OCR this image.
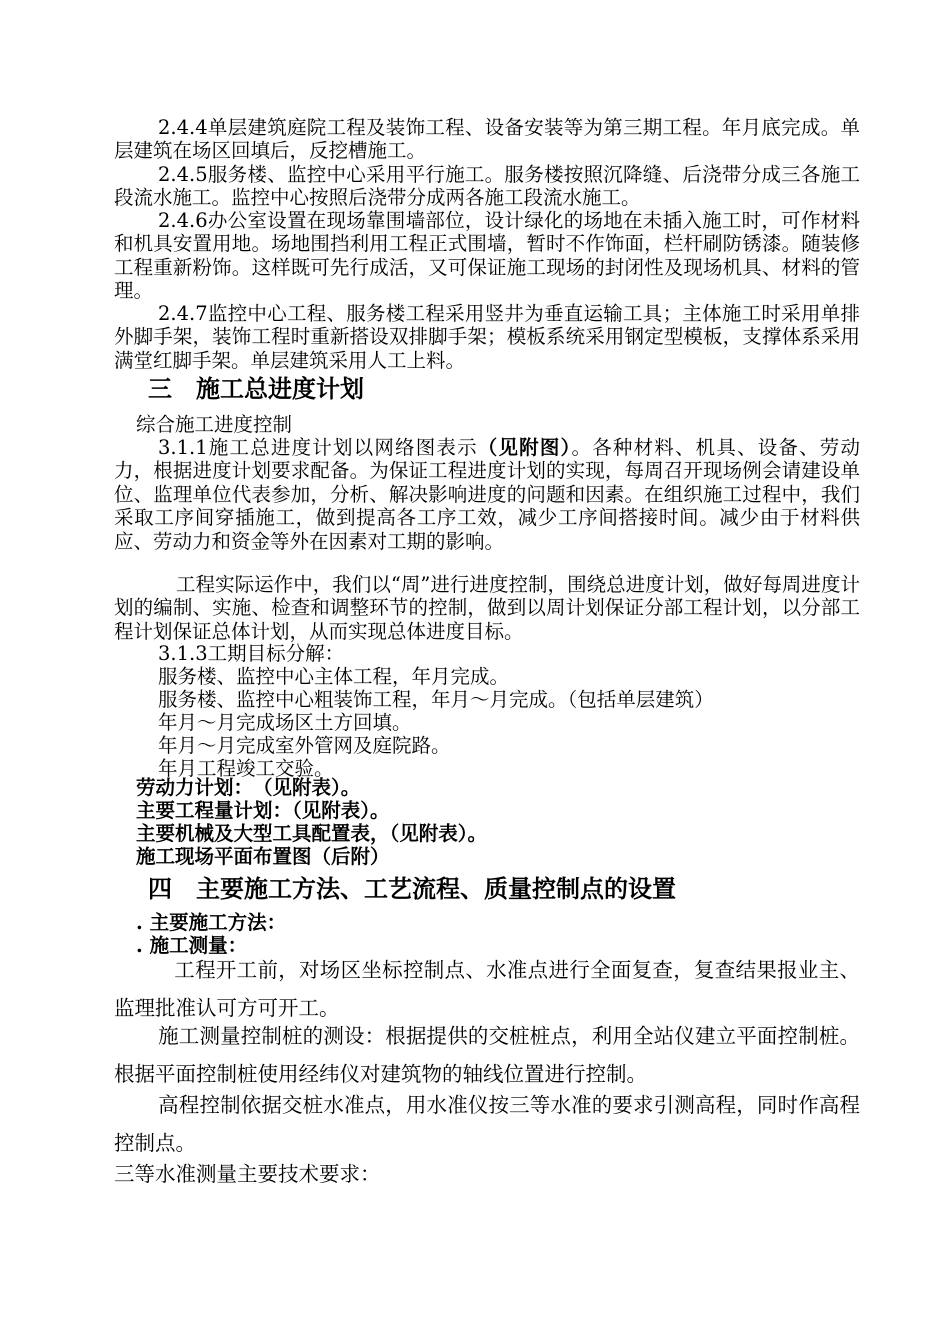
2.4.4单层建筑庭院工程及装饰工程、设备安装等为第三期工程。年月底完成。单层建筑在场区回填后，反挖槽施工。

2.4.5服务楼、监控中心采用平行施工。服务楼按照沉降缝、后浇带分成三各施工段流水施工。监控中心按照后浇带分成两各施工段流水施工。

2.4.6办公室设置在现场靠围墙部位，设计绿化的场地在未插入施工时，可作材料和机具安置用地。场地围挡利用工程正式围墙，暂时不作饰面，栏杆刷防锈漆。随装修工程重新粉饰。这样既可先行成活，又可保证施工现场的封闭性及现场机具、材料的管理。

2.4.7监控中心工程、服务楼工程采用竖井为垂直运输工具；主体施工时采用单排外脚手架，装饰工程时重新搭设双排脚手架；模板系统采用钢定型模板，支撑体系采用满堂红脚手架。单层建筑采用人工上料。

三　施工总进度计划

综合施工进度控制

3.1.1施工总进度计划以网络图表示（见附图）。各种材料、机具、设备、劳动力，根据进度计划要求配备。为保证工程进度计划的实现，每周召开现场例会请建设单位、监理单位代表参加，分析、解决影响进度的问题和因素。在组织施工过程中，我们采取工序间穿插施工，做到提高各工序工效，减少工序间搭接时间。减少由于材料供应、劳动力和资金等外在因素对工期的影响。

工程实际运作中，我们以“周”进行进度控制，围绕总进度计划，做好每周进度计划的编制、实施、检查和调整环节的控制，做到以周计划保证分部工程计划，以分部工程计划保证总体计划，从而实现总体进度目标。

3.1.3工期目标分解：

服务楼、监控中心主体工程，年月完成。

服务楼、监控中心粗装饰工程，年月～月完成。（包括单层建筑）

年月～月完成场区土方回填。

年月～月完成室外管网及庭院路。

年月工程竣工交验。

劳动力计划：　（见附表）。

主要工程量计划：（见附表）。

主要机械及大型工具配置表，（见附表）。

施工现场平面布置图（后附）

四　主要施工方法、工艺流程、质量控制点的设置

. 主要施工方法：

. 施工测量：

工程开工前，对场区坐标控制点、水准点进行全面复查，复查结果报业主、监理批准认可方可开工。

施工测量控制桩的测设：根据提供的交桩桩点，利用全站仪建立平面控制桩。根据平面控制桩使用经纬仪对建筑物的轴线位置进行控制。

高程控制依据交桩水准点，用水准仪按三等水准的要求引测高程，同时作高程控制点。

三等水准测量主要技术要求：
